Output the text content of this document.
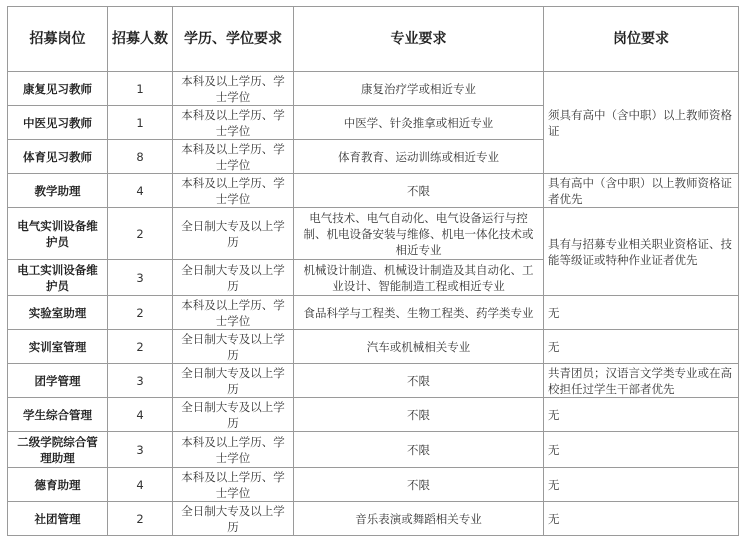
招募岗位	招募人数	学历、学位要求	专业要求	岗位要求
康复见习教师	1	本科及以上学历、学士学位	康复治疗学或相近专业	须具有高中（含中职）以上教师资格证
中医见习教师	1	本科及以上学历、学士学位	中医学、针灸推拿或相近专业	
体育见习教师	8	本科及以上学历、学士学位	体育教育、运动训练或相近专业	
教学助理	4	本科及以上学历、学士学位	不限	具有高中（含中职）以上教师资格证者优先
电气实训设备维护员	2	全日制大专及以上学历	电气技术、电气自动化、电气设备运行与控制、机电设备安装与维修、机电一体化技术或相近专业	具有与招募专业相关职业资格证、技能等级证或特种作业证者优先
电工实训设备维护员	3	全日制大专及以上学历	机械设计制造、机械设计制造及其自动化、工业设计、智能制造工程或相近专业	
实验室助理	2	本科及以上学历、学士学位	食品科学与工程类、生物工程类、药学类专业	无
实训室管理	2	全日制大专及以上学历	汽车或机械相关专业	无
团学管理	3	全日制大专及以上学历	不限	共青团员；汉语言文学类专业或在高校担任过学生干部者优先
学生综合管理	4	全日制大专及以上学历	不限	无
二级学院综合管理助理	3	本科及以上学历、学士学位	不限	无
德育助理	4	本科及以上学历、学士学位	不限	无
社团管理	2	全日制大专及以上学历	音乐表演或舞蹈相关专业	无
